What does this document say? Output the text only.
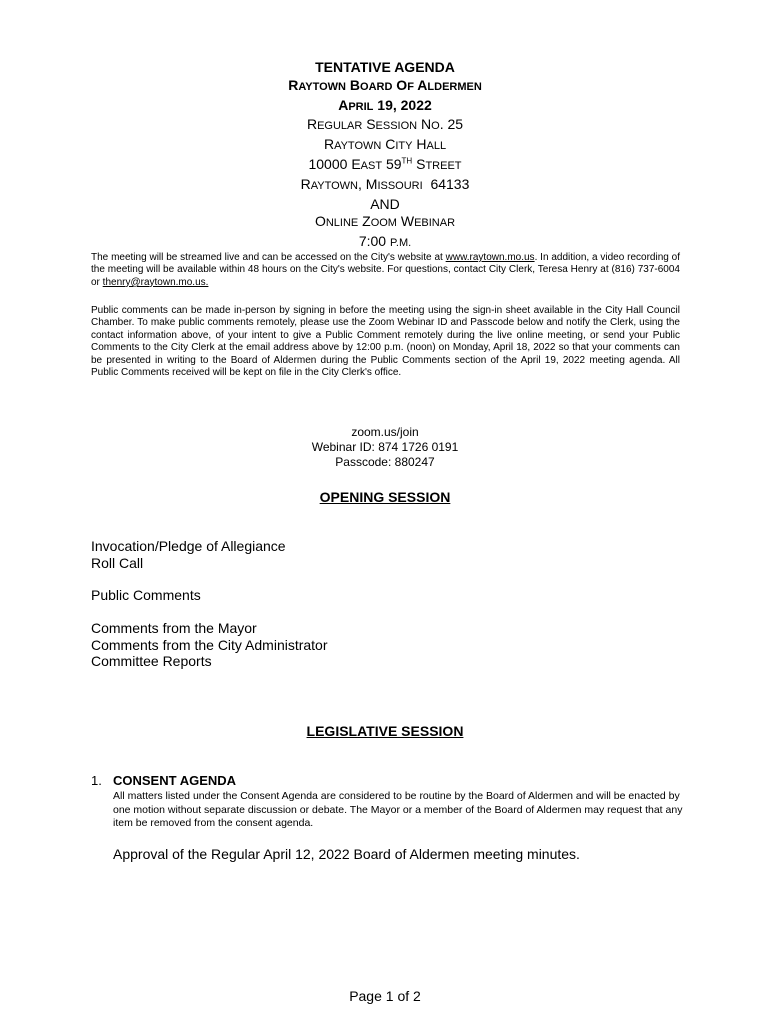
TENTATIVE AGENDA
RAYTOWN BOARD OF ALDERMEN
APRIL 19, 2022
REGULAR SESSION NO. 25
RAYTOWN CITY HALL
10000 EAST 59TH STREET
RAYTOWN, MISSOURI 64133
AND
ONLINE ZOOM WEBINAR
7:00 P.M.
The meeting will be streamed live and can be accessed on the City's website at www.raytown.mo.us. In addition, a video recording of the meeting will be available within 48 hours on the City's website. For questions, contact City Clerk, Teresa Henry at (816) 737-6004 or thenry@raytown.mo.us.
Public comments can be made in-person by signing in before the meeting using the sign-in sheet available in the City Hall Council Chamber. To make public comments remotely, please use the Zoom Webinar ID and Passcode below and notify the Clerk, using the contact information above, of your intent to give a Public Comment remotely during the live online meeting, or send your Public Comments to the City Clerk at the email address above by 12:00 p.m. (noon) on Monday, April 18, 2022 so that your comments can be presented in writing to the Board of Aldermen during the Public Comments section of the April 19, 2022 meeting agenda. All Public Comments received will be kept on file in the City Clerk's office.
zoom.us/join
Webinar ID: 874 1726 0191
Passcode: 880247
OPENING SESSION
Invocation/Pledge of Allegiance
Roll Call
Public Comments
Comments from the Mayor
Comments from the City Administrator
Committee Reports
LEGISLATIVE SESSION
1. CONSENT AGENDA
All matters listed under the Consent Agenda are considered to be routine by the Board of Aldermen and will be enacted by one motion without separate discussion or debate. The Mayor or a member of the Board of Aldermen may request that any item be removed from the consent agenda.
Approval of the Regular April 12, 2022 Board of Aldermen meeting minutes.
Page 1 of 2
